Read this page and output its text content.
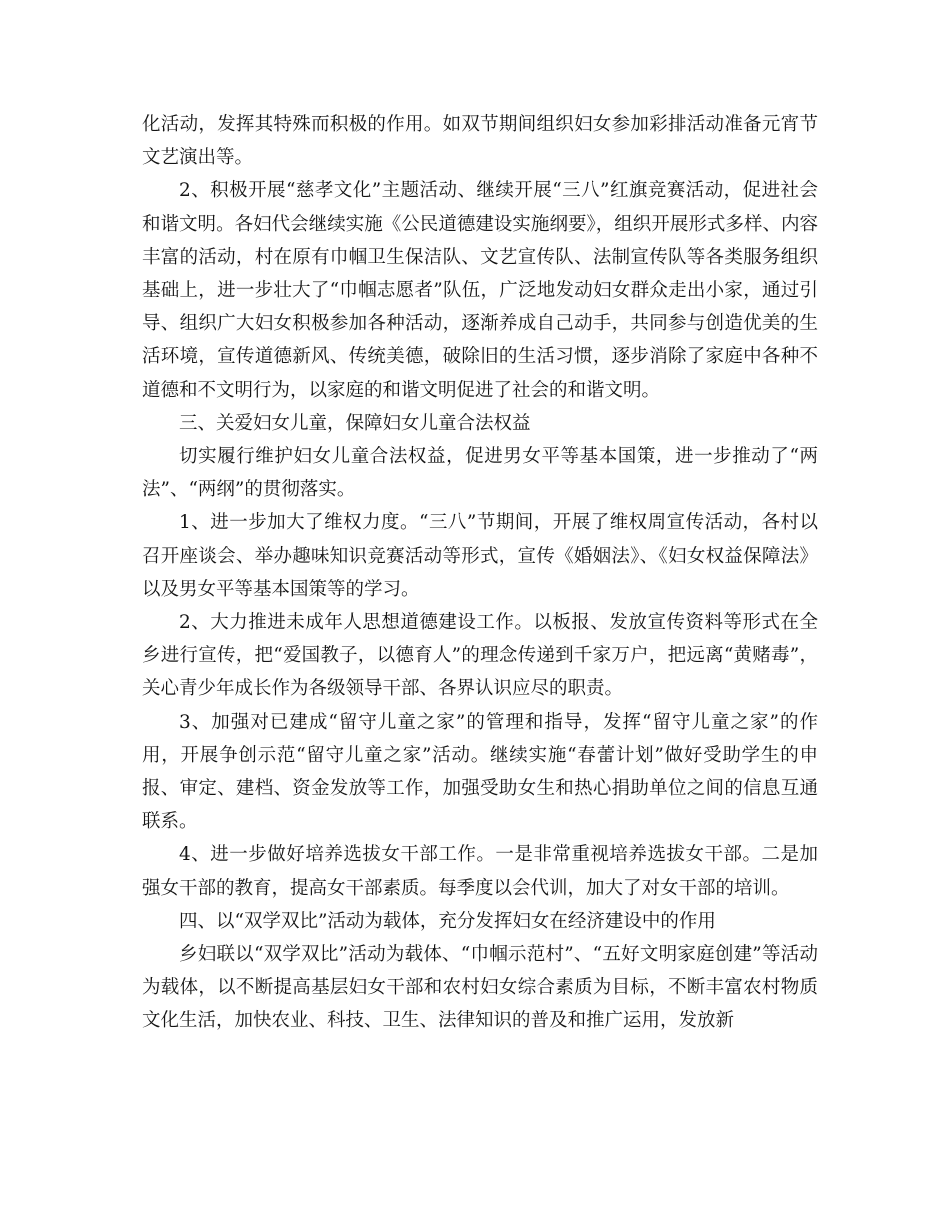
化活动，发挥其特殊而积极的作用。如双节期间组织妇女参加彩排活动准备元宵节文艺演出等。

2、积极开展“慈孝文化”主题活动、继续开展“三八”红旗竞赛活动，促进社会和谐文明。各妇代会继续实施《公民道德建设实施纲要》，组织开展形式多样、内容丰富的活动，村在原有巾帼卫生保洁队、文艺宣传队、法制宣传队等各类服务组织基础上，进一步壮大了“巾帼志愿者”队伍，广泛地发动妇女群众走出小家，通过引导、组织广大妇女积极参加各种活动，逐渐养成自己动手，共同参与创造优美的生活环境，宣传道德新风、传统美德，破除旧的生活习惯，逐步消除了家庭中各种不道德和不文明行为，以家庭的和谐文明促进了社会的和谐文明。

三、关爱妇女儿童，保障妇女儿童合法权益

切实履行维护妇女儿童合法权益，促进男女平等基本国策，进一步推动了“两法”、“两纲”的贯彻落实。

1、进一步加大了维权力度。“三八”节期间，开展了维权周宣传活动，各村以召开座谈会、举办趣味知识竞赛活动等形式，宣传《婚姻法》、《妇女权益保障法》以及男女平等基本国策等的学习。

2、大力推进未成年人思想道德建设工作。以板报、发放宣传资料等形式在全乡进行宣传，把“爱国教子，以德育人”的理念传递到千家万户，把远离“黄赌毒”，关心青少年成长作为各级领导干部、各界认识应尽的职责。

3、加强对已建成“留守儿童之家”的管理和指导，发挥“留守儿童之家”的作用，开展争创示范“留守儿童之家”活动。继续实施“春蕾计划”做好受助学生的申报、审定、建档、资金发放等工作，加强受助女生和热心捐助单位之间的信息互通联系。

4、进一步做好培养选拔女干部工作。一是非常重视培养选拔女干部。二是加强女干部的教育，提高女干部素质。每季度以会代训，加大了对女干部的培训。

四、以“双学双比”活动为载体，充分发挥妇女在经济建设中的作用

乡妇联以“双学双比”活动为载体、“巾帼示范村”、“五好文明家庭创建”等活动为载体，以不断提高基层妇女干部和农村妇女综合素质为目标，不断丰富农村物质文化生活，加快农业、科技、卫生、法律知识的普及和推广运用，发放新
